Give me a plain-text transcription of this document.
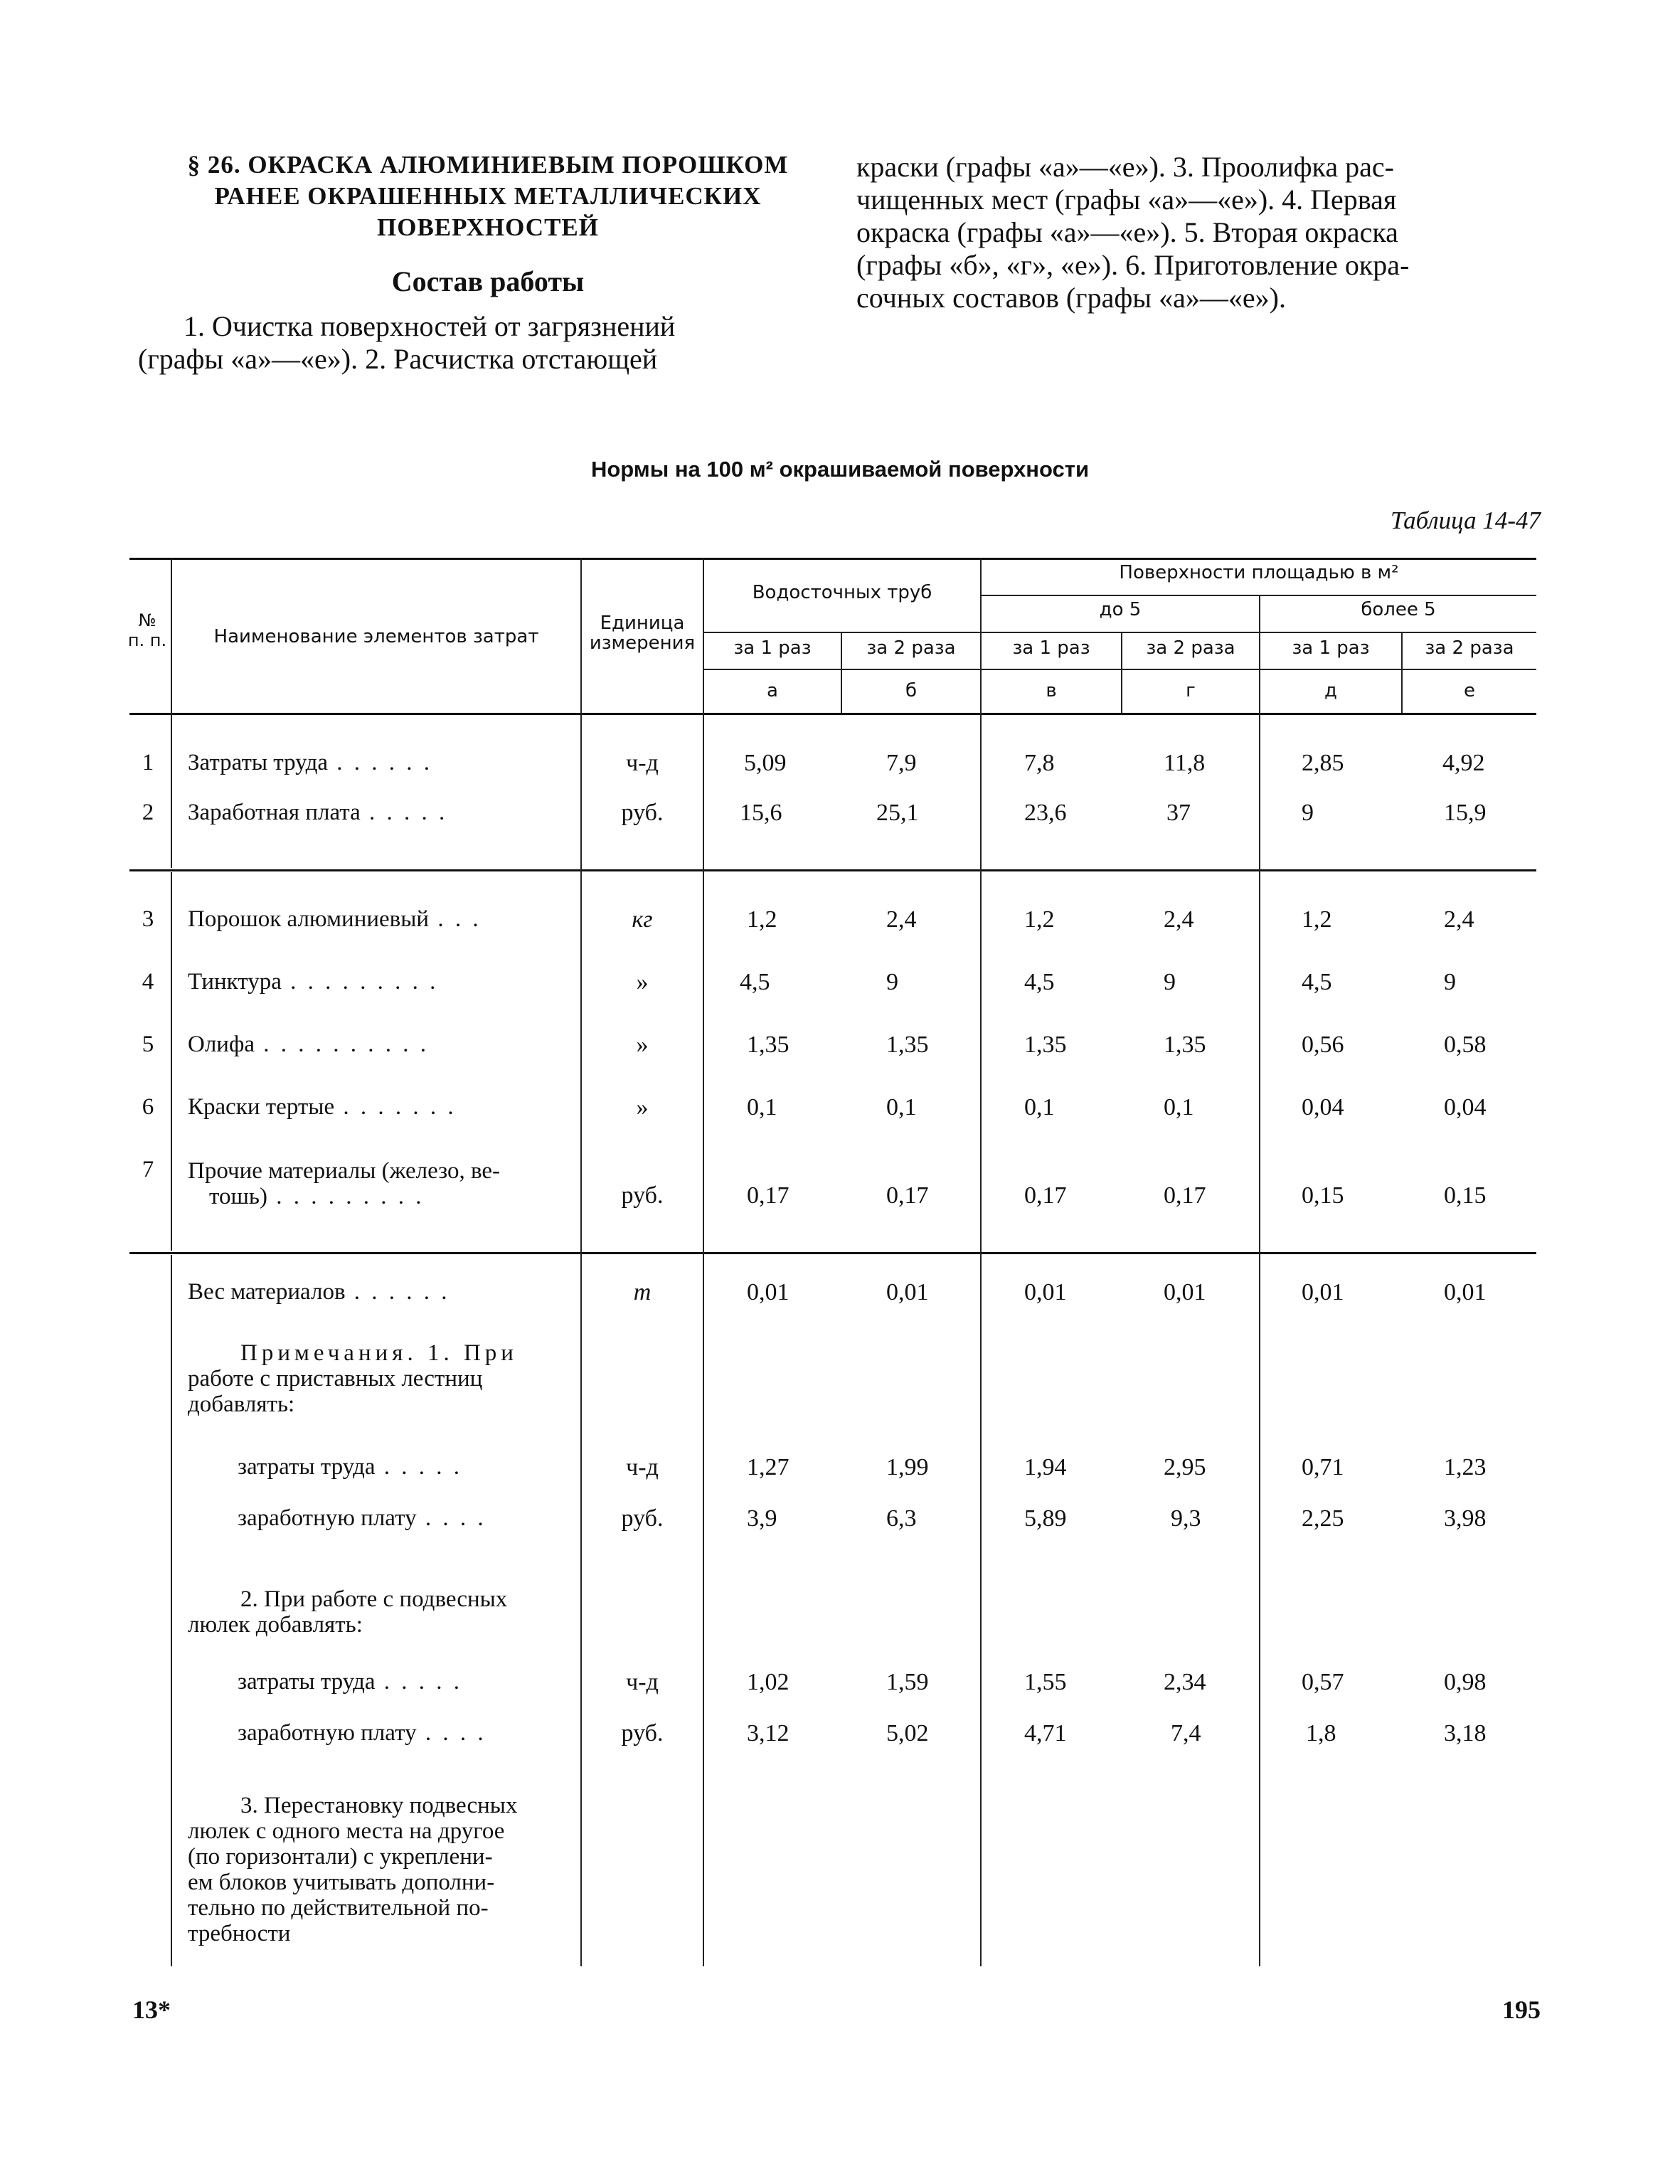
§ 26. ОКРАСКА АЛЮМИНИЕВЫМ ПОРОШКОМ
РАНЕЕ ОКРАШЕННЫХ МЕТАЛЛИЧЕСКИХ
ПОВЕРХНОСТЕЙ
Состав работы
1. Очистка поверхностей от загрязнений
(графы «а»—«е»). 2. Расчистка отстающей
краски (графы «а»—«е»). 3. Проолифка рас-
чищенных мест (графы «а»—«е»). 4. Первая
окраска (графы «а»—«е»). 5. Вторая окраска
(графы «б», «г», «е»). 6. Приготовление окра-
сочных составов (графы «а»—«е»).
Нормы на 100 м² окрашиваемой поверхности
Таблица 14-47
№
п. п.	Наименование элементов затрат
Единица
измерения
Водосточных труб
Поверхности площадью в м²
до 5	более 5
за 1 раз	за 2 раза	за 1 раз	за 2 раза	за 1 раз	за 2 раза
а	б	в	г	д	е
1	Затраты труда . . . . . .	ч-д	5,09	7,9	7,8	11,8	2,85	4,92
2	Заработная плата . . . . .	руб.	15,6	25,1	23,6	37	9	15,9
3	Порошок алюминиевый . . .	кг	1,2	2,4	1,2	2,4	1,2	2,4
4	Тинктура . . . . . . . . .	»	4,5	9	4,5	9	4,5	9
5	Олифа . . . . . . . . . .	»	1,35	1,35	1,35	1,35	0,56	0,58
6	Краски тертые . . . . . . .	»	0,1	0,1	0,1	0,1	0,04	0,04
7	Прочие материалы (железо, ве-
тошь) . . . . . . . . .	руб.	0,17	0,17	0,17	0,17	0,15	0,15
Вес материалов . . . . . .	т	0,01	0,01	0,01	0,01	0,01	0,01
Примечания. 1. При
работе с приставных лестниц
добавлять:
затраты труда . . . . .	ч-д	1,27	1,99	1,94	2,95	0,71	1,23
заработную плату . . . .	руб.	3,9	6,3	5,89	9,3	2,25	3,98
2. При работе с подвесных
люлек добавлять:
затраты труда . . . . .	ч-д	1,02	1,59	1,55	2,34	0,57	0,98
заработную плату . . . .	руб.	3,12	5,02	4,71	7,4	1,8	3,18
3. Перестановку подвесных
люлек с одного места на другое
(по горизонтали) с укреплени-
ем блоков учитывать дополни-
тельно по действительной по-
требности
13*	195
